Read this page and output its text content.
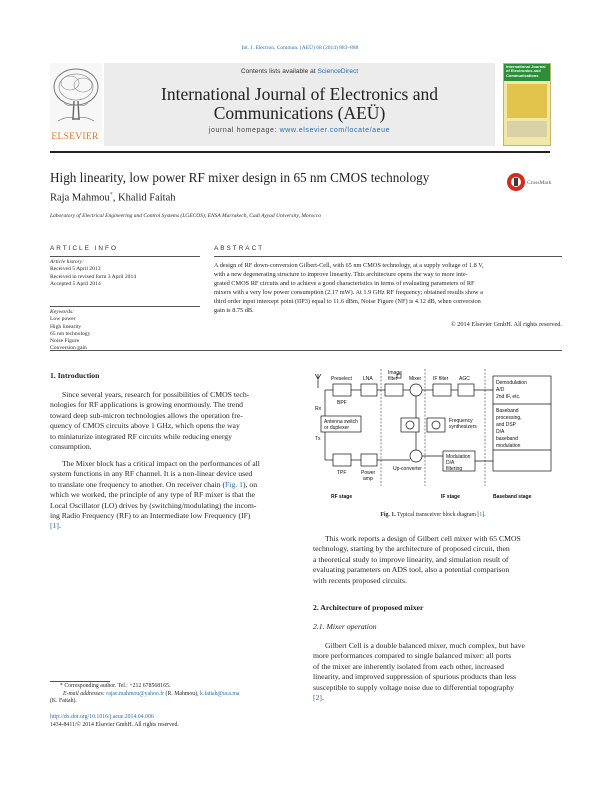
Int. J. Electron. Commun. (AEÜ) 68 (2014) 883–888
Contents lists available at ScienceDirect
International Journal of Electronics and
Communications (AEÜ)
journal homepage: www.elsevier.com/locate/aeue
ELSEVIER
International Journal of Electronics and Communications
High linearity, low power RF mixer design in 65 nm CMOS technology	CrossMark
Raja Mahmou*, Khalid Faitah
Laboratory of Electrical Engineering and Control Systems (LGECOS), ENSA Marrakech, Cadi Ayyad University, Morocco
ARTICLE INFO
Article history:
Received 5 April 2013
Received in revised form 3 April 2014
Accepted 5 April 2014
Keywords:
Low power
High linearity
65 nm technology
Noise Figure
Conversion gain
ABSTRACT
A design of RF down-conversion Gilbert-Cell, with 65 nm CMOS technology, at a supply voltage of 1.8 V,
with a new degenerating structure to improve linearity. This architecture opens the way to more inte-
grated CMOS RF circuits and to achieve a good characteristics in terms of evaluating parameters of RF
mixers with a very low power consumption (2.17 mW). At 1.9 GHz RF frequency; obtained results show a
third order input intercept point (IIP3) equal to 11.6 dBm, Noise Figure (NF) is 4.12 dB, when conversion
gain is 8.75 dB.
© 2014 Elsevier GmbH. All rights reserved.
1. Introduction
Since several years, research for possibilities of CMOS tech-
nologies for RF applications is growing enormously. The trend
toward deep sub-micron technologies allows the operation fre-
quency of CMOS circuits above 1 GHz, which opens the way
to miniaturize integrated RF circuits while reducing energy
consumption.
The Mixer block has a critical impact on the performances of all
system functions in any RF channel. It is a non-linear device used
to translate one frequency to another. On receiver chain (Fig. 1), on
which we worked, the principle of any type of RF mixer is that the
Local Oscillator (LO) drives by (switching/modulating) the incom-
ing Radio Frequency (RF) to an Intermediate low Frequency (IF)
[1].
Preselect
BPF
LNA
Image
filter Mixer IF filter AGC
Demodulation
A/D
2nd IF, etc.
Rx
Tx
Antenna switch
or duplexer
Frequency
synthesizers
Baseband
processing,
and DSP
D/A
baseband
modulation
Modulation
D/A
filtering
TPF	Power
amp
Up-converter
RF stage	IF stage	Baseband stage
Fig. 1. Typical transceiver block diagram [1].
This work reports a design of Gilbert cell mixer with 65 CMOS
technology, starting by the architecture of proposed circuit, then
a theoretical study to improve linearity, and simulation result of
evaluating parameters on ADS tool, also a potential comparison
with recents proposed circuits.
2. Architecture of proposed mixer
2.1. Mixer operation
Gilbert Cell is a double balanced mixer, much complex, but have
more performances compared to single balanced mixer: all ports
of the mixer are inherently isolated from each other, increased
linearity, and improved suppression of spurious products than less
susceptible to supply voltage noise due to differential topography
[2].
* Corresponding author. Tel.: +212 678568165.
E-mail addresses: rajae.mahmou@yahoo.fr (R. Mahmou), k.faitah@uca.ma
(K. Faitah).
http://dx.doi.org/10.1016/j.aeue.2014.04.006
1434-8411/© 2014 Elsevier GmbH. All rights reserved.
